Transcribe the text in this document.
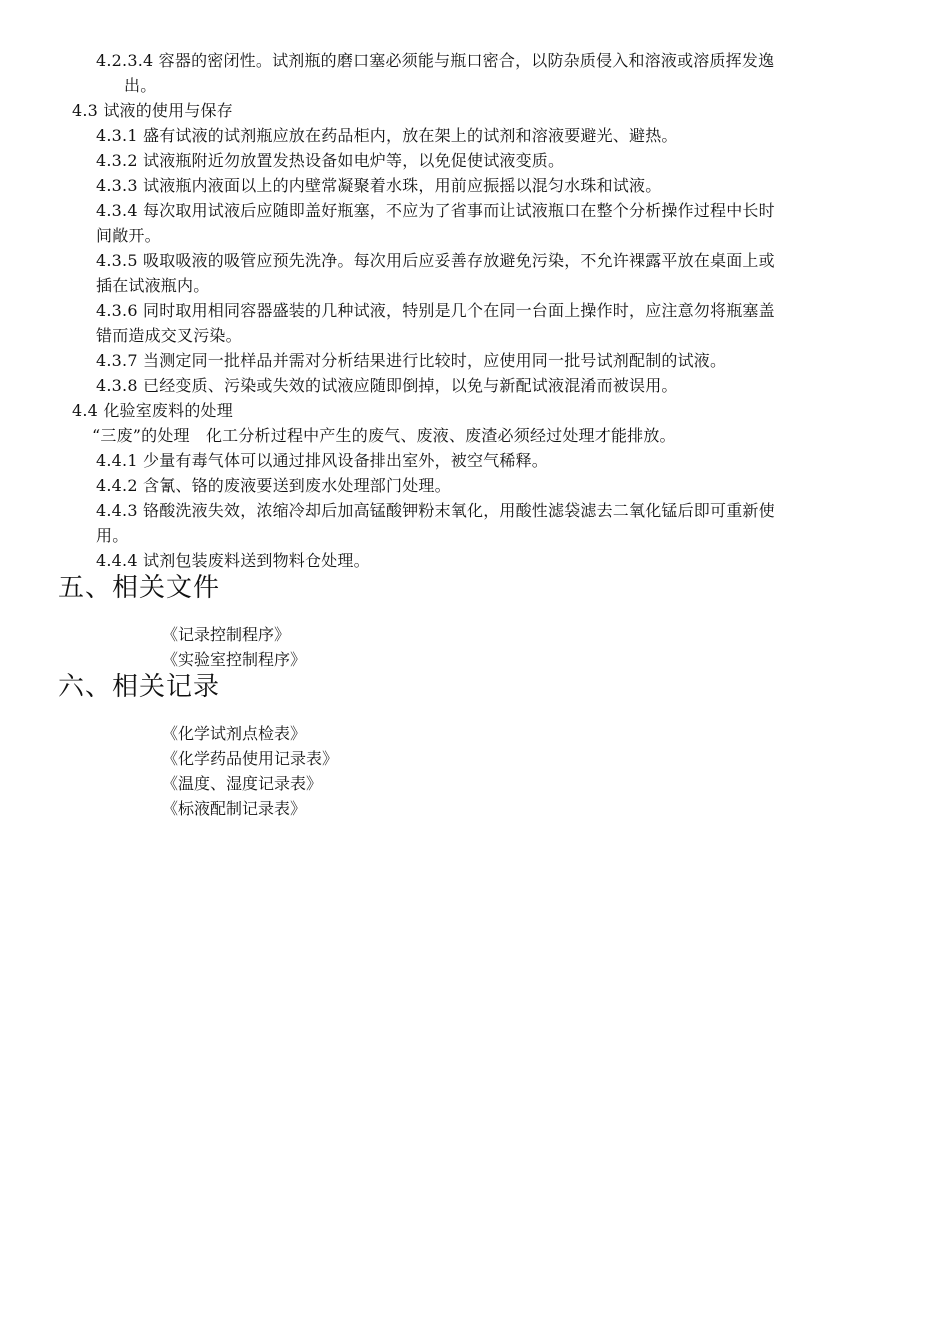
4.2.3.4 容器的密闭性。试剂瓶的磨口塞必须能与瓶口密合，以防杂质侵入和溶液或溶质挥发逸
出。
4.3 试液的使用与保存
4.3.1 盛有试液的试剂瓶应放在药品柜内，放在架上的试剂和溶液要避光、避热。
4.3.2 试液瓶附近勿放置发热设备如电炉等，以免促使试液变质。
4.3.3 试液瓶内液面以上的内壁常凝聚着水珠，用前应振摇以混匀水珠和试液。
4.3.4 每次取用试液后应随即盖好瓶塞，不应为了省事而让试液瓶口在整个分析操作过程中长时
间敞开。
4.3.5 吸取吸液的吸管应预先洗净。每次用后应妥善存放避免污染，不允许裸露平放在桌面上或
插在试液瓶内。
4.3.6 同时取用相同容器盛装的几种试液，特别是几个在同一台面上操作时，应注意勿将瓶塞盖
错而造成交叉污染。
4.3.7 当测定同一批样品并需对分析结果进行比较时，应使用同一批号试剂配制的试液。
4.3.8 已经变质、污染或失效的试液应随即倒掉，以免与新配试液混淆而被误用。
4.4 化验室废料的处理
“三废”的处理　化工分析过程中产生的废气、废液、废渣必须经过处理才能排放。
4.4.1 少量有毒气体可以通过排风设备排出室外，被空气稀释。
4.4.2 含氰、铬的废液要送到废水处理部门处理。
4.4.3 铬酸洗液失效，浓缩冷却后加高锰酸钾粉末氧化，用酸性滤袋滤去二氧化锰后即可重新使
用。
4.4.4 试剂包装废料送到物料仓处理。
五、相关文件
《记录控制程序》
《实验室控制程序》
六、相关记录
《化学试剂点检表》
《化学药品使用记录表》
《温度、湿度记录表》
《标液配制记录表》
